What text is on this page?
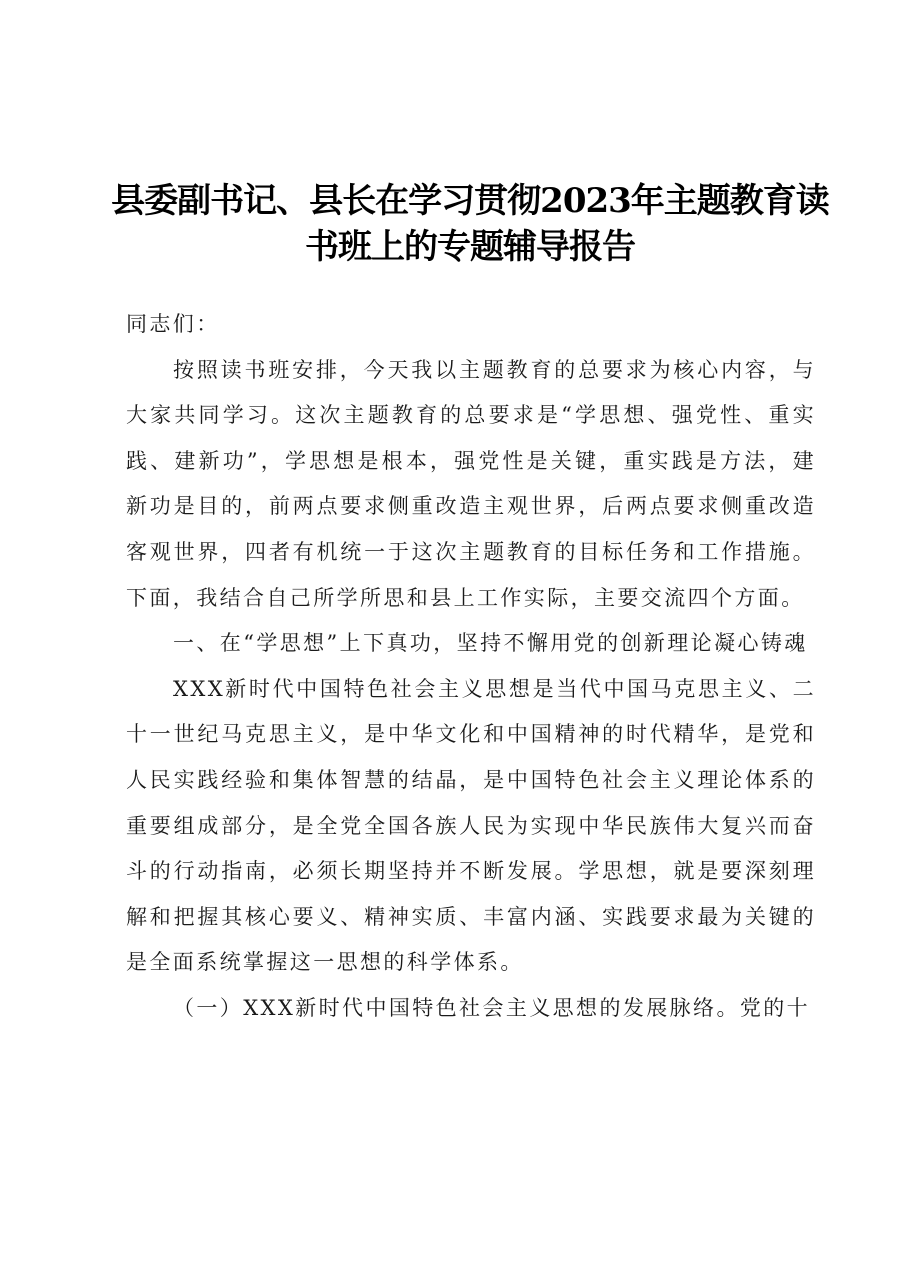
县委副书记、县长在学习贯彻2023年主题教育读
书班上的专题辅导报告

同志们：

按照读书班安排，今天我以主题教育的总要求为核心内容，与大家共同学习。这次主题教育的总要求是“学思想、强党性、重实践、建新功”，学思想是根本，强党性是关键，重实践是方法，建新功是目的，前两点要求侧重改造主观世界，后两点要求侧重改造客观世界，四者有机统一于这次主题教育的目标任务和工作措施。下面，我结合自己所学所思和县上工作实际，主要交流四个方面。

一、在“学思想”上下真功，坚持不懈用党的创新理论凝心铸魂

XXX新时代中国特色社会主义思想是当代中国马克思主义、二十一世纪马克思主义，是中华文化和中国精神的时代精华，是党和人民实践经验和集体智慧的结晶，是中国特色社会主义理论体系的重要组成部分，是全党全国各族人民为实现中华民族伟大复兴而奋斗的行动指南，必须长期坚持并不断发展。学思想，就是要深刻理解和把握其核心要义、精神实质、丰富内涵、实践要求最为关键的是全面系统掌握这一思想的科学体系。

（一）XXX新时代中国特色社会主义思想的发展脉络。党的十
